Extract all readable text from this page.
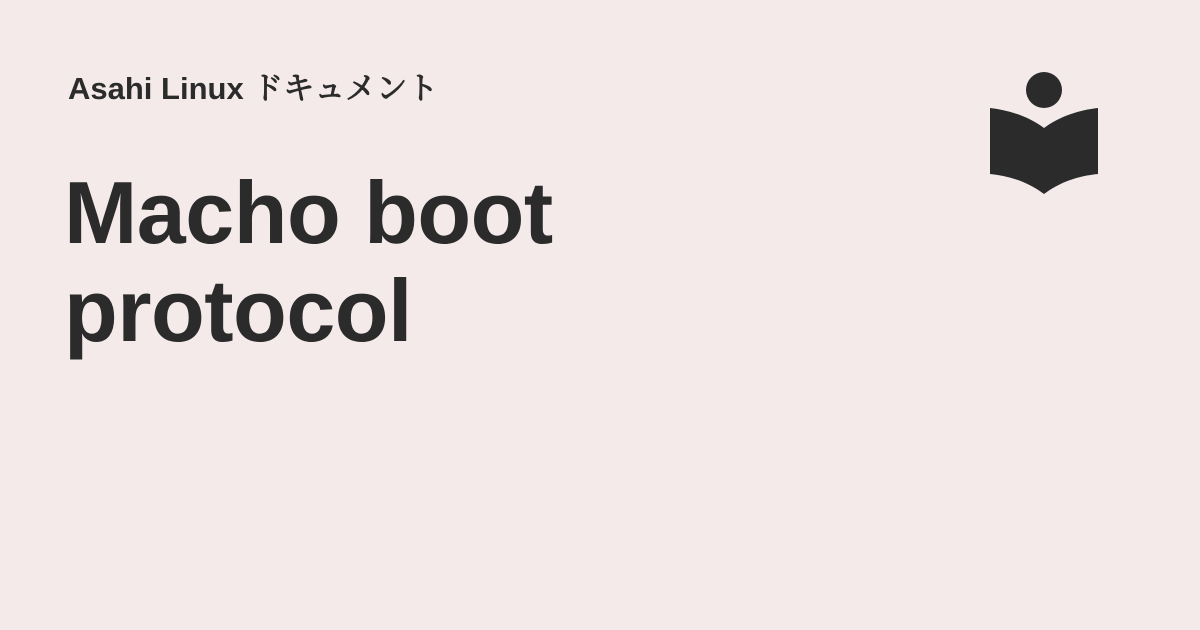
Asahi Linux ドキュメント
Macho boot protocol
